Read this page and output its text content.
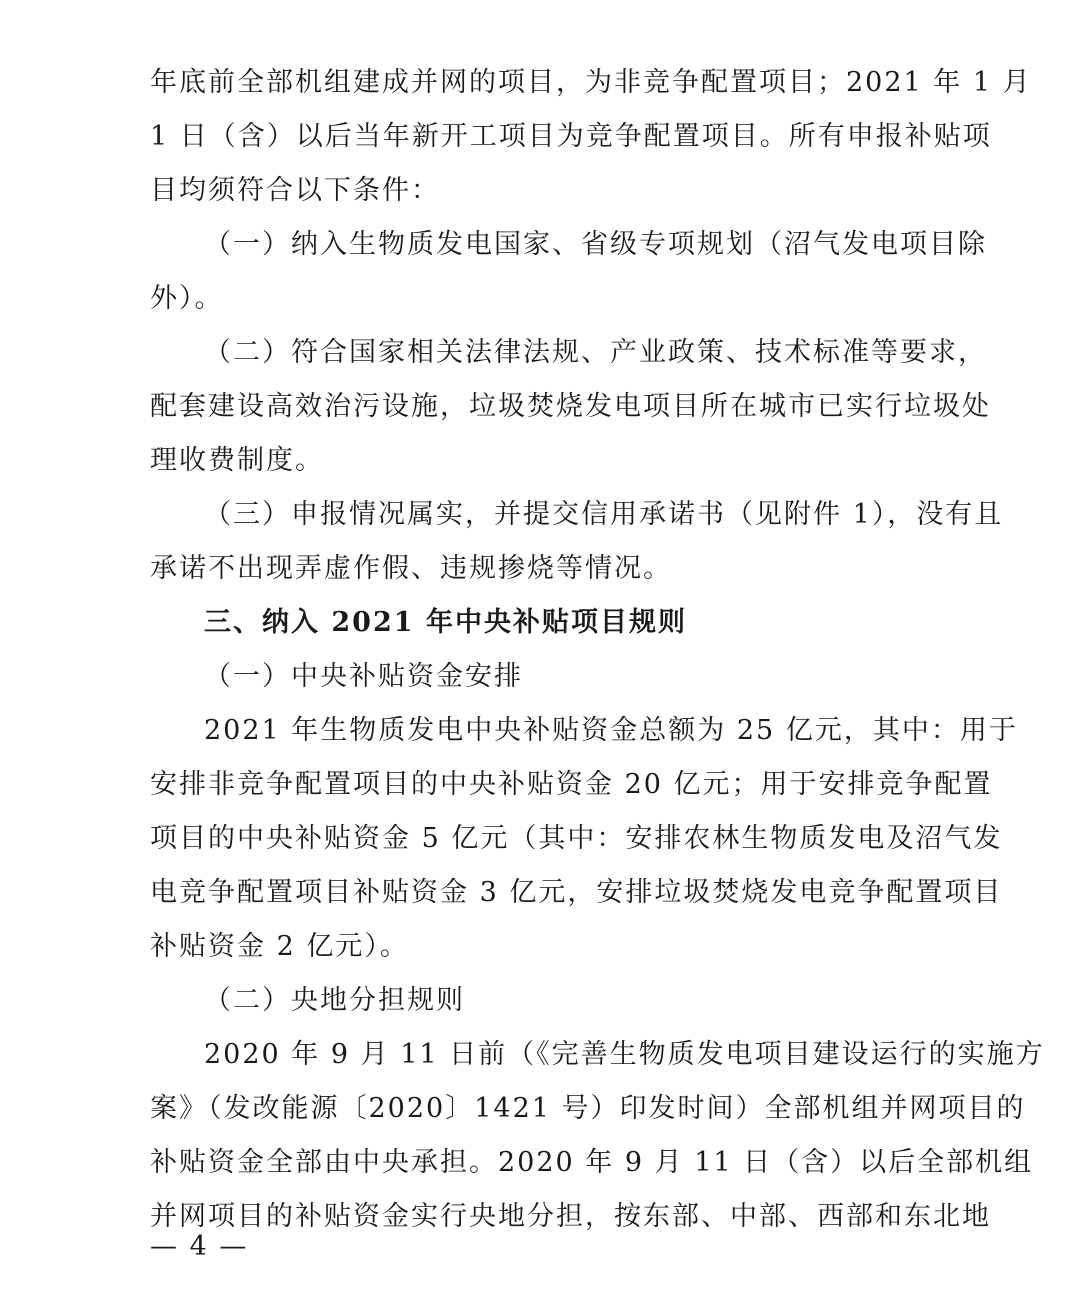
年底前全部机组建成并网的项目，为非竞争配置项目；2021 年 1 月
1 日（含）以后当年新开工项目为竞争配置项目。所有申报补贴项
目均须符合以下条件：
（一）纳入生物质发电国家、省级专项规划（沼气发电项目除
外）。
（二）符合国家相关法律法规、产业政策、技术标准等要求，
配套建设高效治污设施，垃圾焚烧发电项目所在城市已实行垃圾处
理收费制度。
（三）申报情况属实，并提交信用承诺书（见附件 1），没有且
承诺不出现弄虚作假、违规掺烧等情况。
三、纳入 2021 年中央补贴项目规则
（一）中央补贴资金安排
2021 年生物质发电中央补贴资金总额为 25 亿元，其中：用于
安排非竞争配置项目的中央补贴资金 20 亿元；用于安排竞争配置
项目的中央补贴资金 5 亿元（其中：安排农林生物质发电及沼气发
电竞争配置项目补贴资金 3 亿元，安排垃圾焚烧发电竞争配置项目
补贴资金 2 亿元）。
（二）央地分担规则
2020 年 9 月 11 日前（《完善生物质发电项目建设运行的实施方
案》（发改能源〔2020〕1421 号）印发时间）全部机组并网项目的
补贴资金全部由中央承担。2020 年 9 月 11 日（含）以后全部机组
并网项目的补贴资金实行央地分担，按东部、中部、西部和东北地
— 4 —
